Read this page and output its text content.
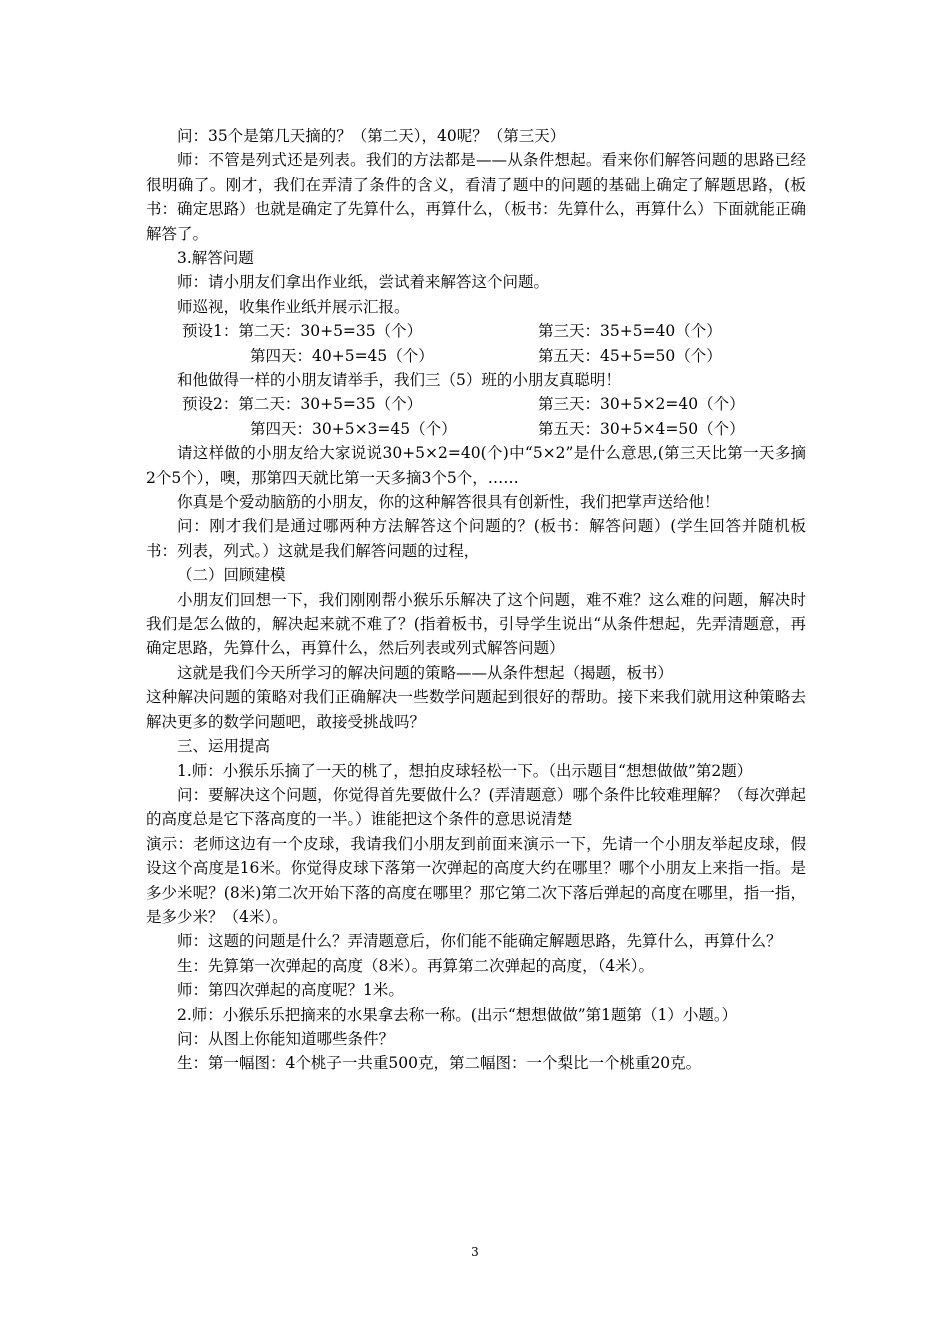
问：35个是第几天摘的？（第二天），40呢？（第三天）

师：不管是列式还是列表。我们的方法都是——从条件想起。看来你们解答问题的思路已经很明确了。刚才，我们在弄清了条件的含义，看清了题中的问题的基础上确定了解题思路，(板书：确定思路）也就是确定了先算什么，再算什么，（板书：先算什么，再算什么）下面就能正确解答了。

3.解答问题

师：请小朋友们拿出作业纸，尝试着来解答这个问题。

师巡视，收集作业纸并展示汇报。

预设1：第二天：30+5=35（个）	第三天：35+5=40（个）
第四天：40+5=45（个）	第五天：45+5=50（个）

和他做得一样的小朋友请举手，我们三（5）班的小朋友真聪明！

预设2：第二天：30+5=35（个）	第三天：30+5×2=40（个）
第四天：30+5×3=45（个）	第五天：30+5×4=50（个）

请这样做的小朋友给大家说说30+5×2=40(个)中“5×2”是什么意思,(第三天比第一天多摘2个5个），噢，那第四天就比第一天多摘3个5个，……

你真是个爱动脑筋的小朋友，你的这种解答很具有创新性，我们把掌声送给他！

问：刚才我们是通过哪两种方法解答这个问题的？(板书：解答问题）(学生回答并随机板书：列表，列式。）这就是我们解答问题的过程，

（二）回顾建模

小朋友们回想一下，我们刚刚帮小猴乐乐解决了这个问题，难不难？这么难的问题，解决时我们是怎么做的，解决起来就不难了？(指着板书，引导学生说出“从条件想起，先弄清题意，再确定思路，先算什么，再算什么，然后列表或列式解答问题）

这就是我们今天所学习的解决问题的策略——从条件想起（揭题，板书）

这种解决问题的策略对我们正确解决一些数学问题起到很好的帮助。接下来我们就用这种策略去解决更多的数学问题吧，敢接受挑战吗？

三、运用提高

1.师：小猴乐乐摘了一天的桃了，想拍皮球轻松一下。（出示题目“想想做做”第2题）

问：要解决这个问题，你觉得首先要做什么？(弄清题意）哪个条件比较难理解？（每次弹起的高度总是它下落高度的一半。）谁能把这个条件的意思说清楚

演示：老师这边有一个皮球，我请我们小朋友到前面来演示一下，先请一个小朋友举起皮球，假设这个高度是16米。你觉得皮球下落第一次弹起的高度大约在哪里？哪个小朋友上来指一指。是多少米呢？(8米)第二次开始下落的高度在哪里？那它第二次下落后弹起的高度在哪里，指一指，是多少米？（4米）。

师：这题的问题是什么？弄清题意后，你们能不能确定解题思路，先算什么，再算什么？

生：先算第一次弹起的高度（8米）。再算第二次弹起的高度，（4米）。

师：第四次弹起的高度呢？1米。

2.师：小猴乐乐把摘来的水果拿去称一称。(出示“想想做做”第1题第（1）小题。）

问：从图上你能知道哪些条件？

生：第一幅图：4个桃子一共重500克，第二幅图：一个梨比一个桃重20克。

3
